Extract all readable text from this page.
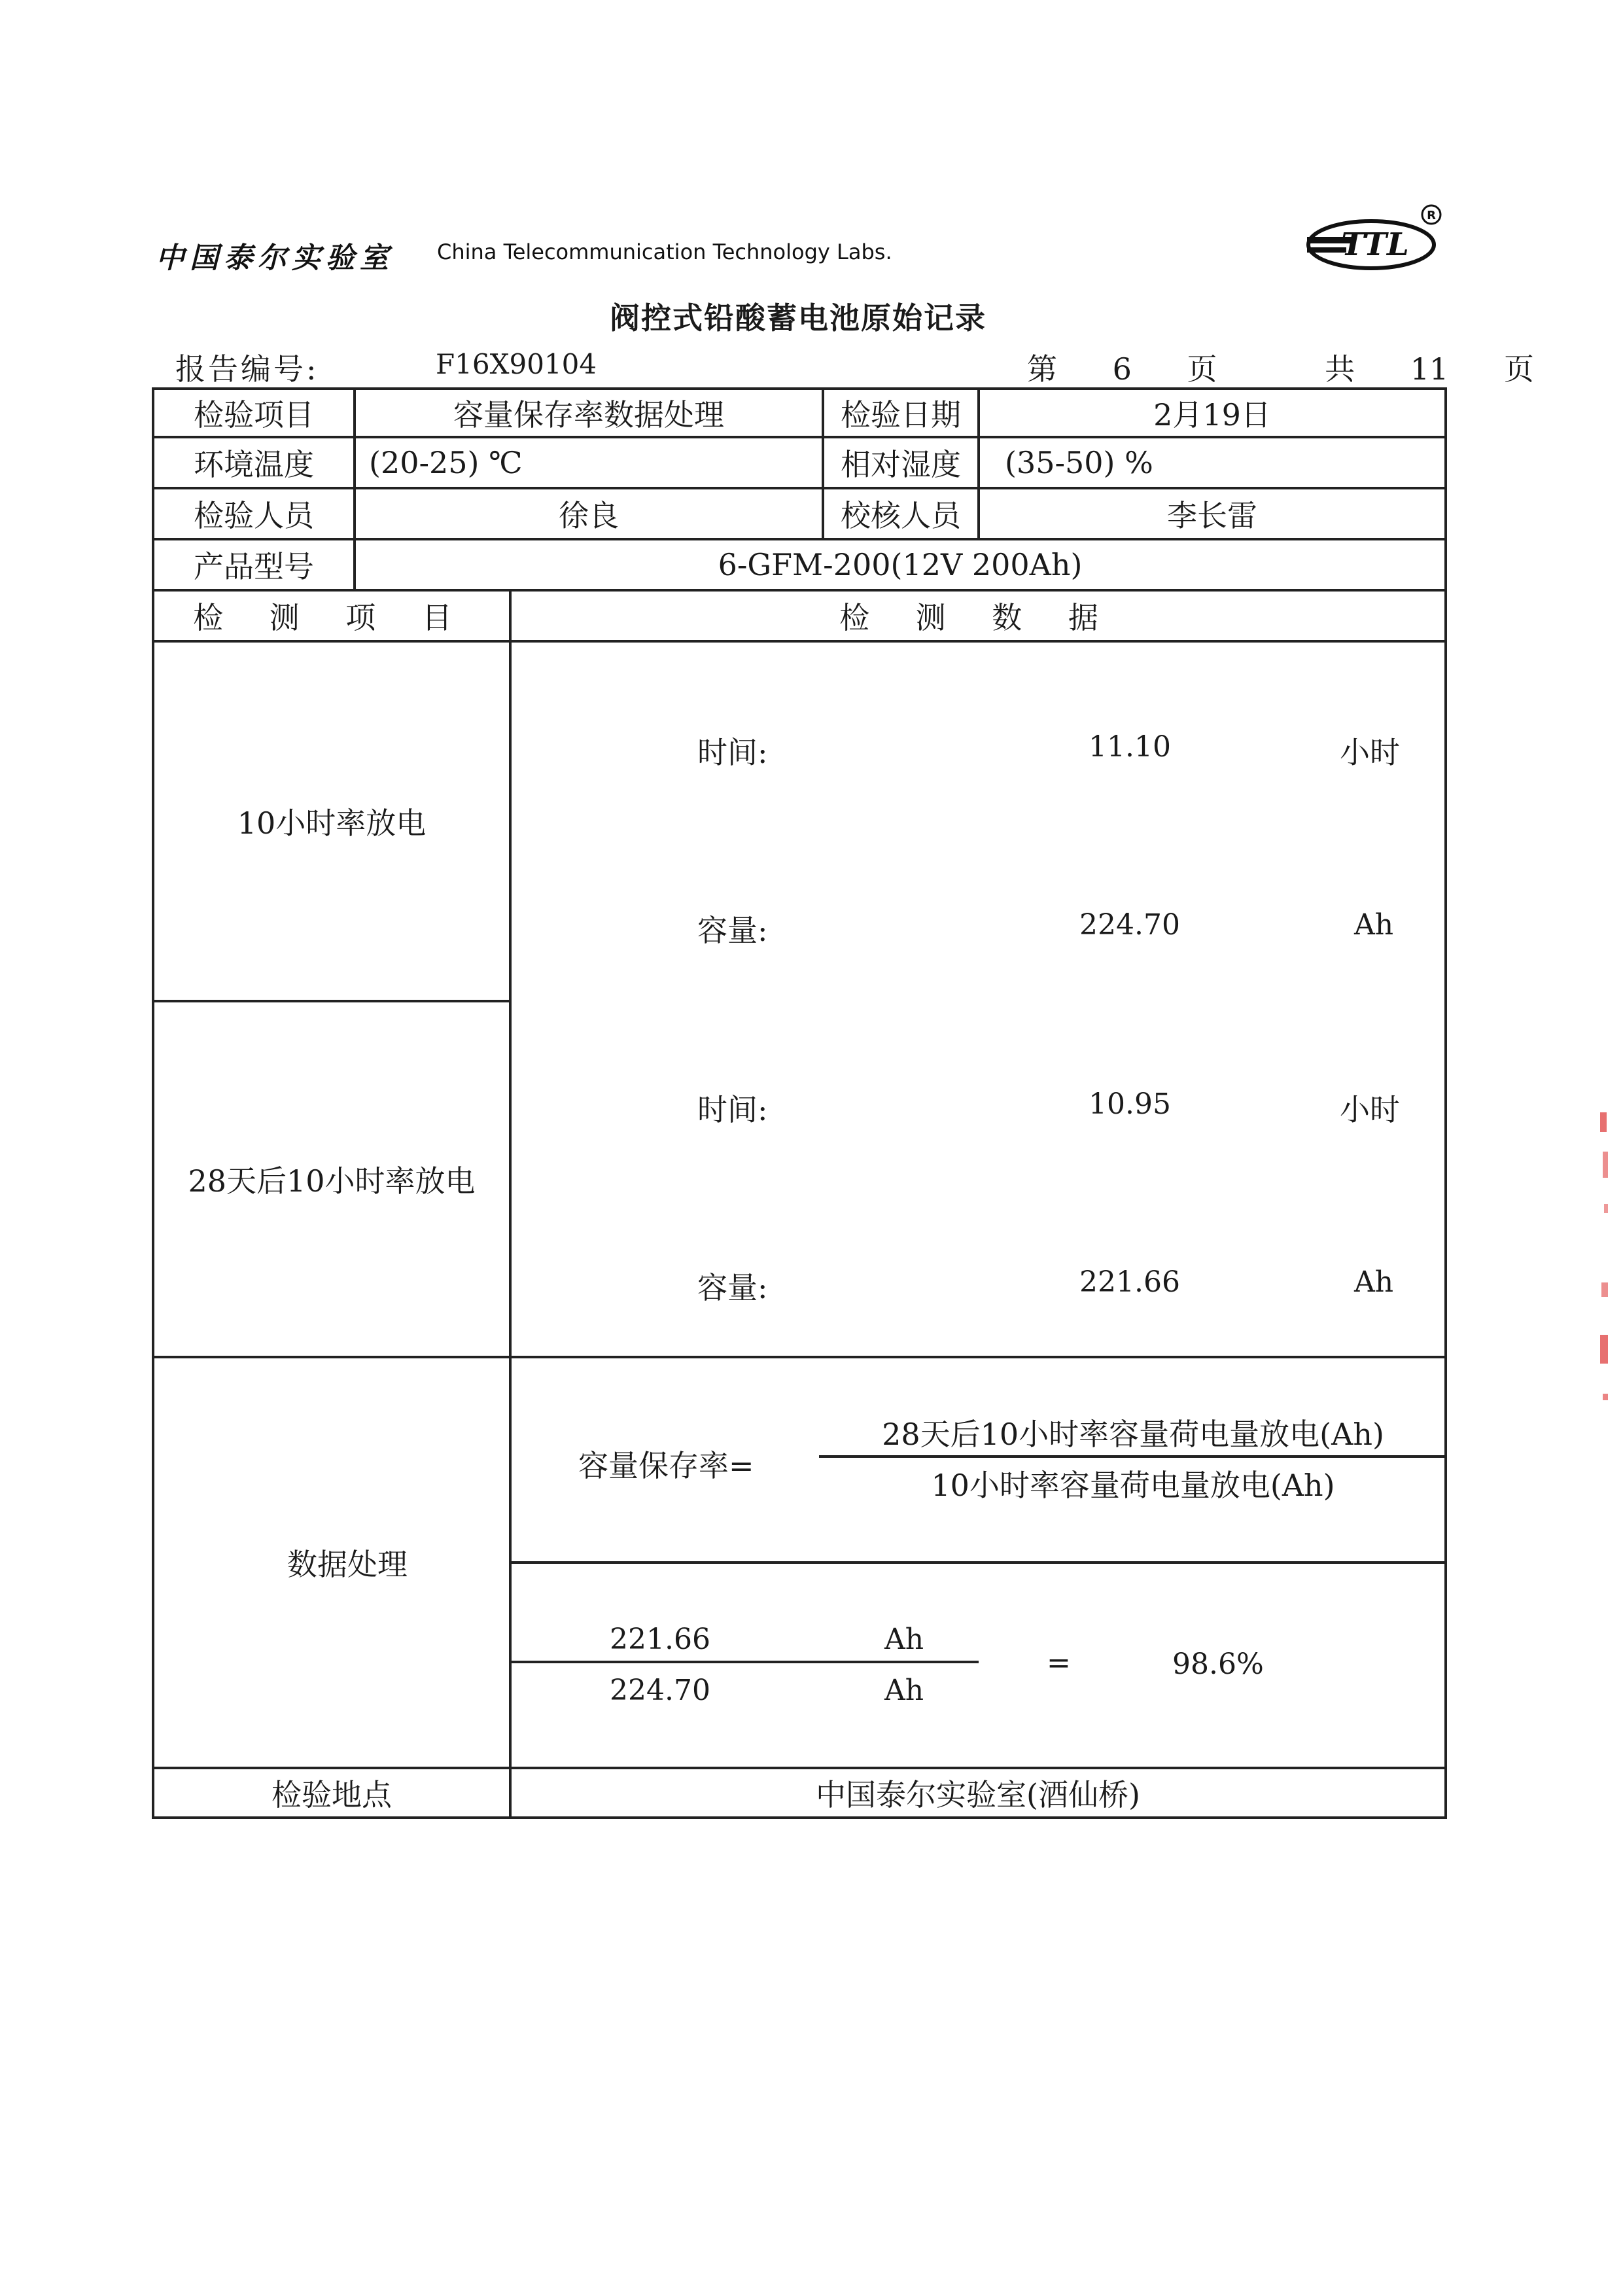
中国泰尔实验室 China Telecommunication Technology Labs.	TTL
R
阀控式铅酸蓄电池原始记录
报告编号:	F16X90104	第 6 页	共 11 页
检验项目	容量保存率数据处理	检验日期	2月19日
环境温度	(20-25) ℃	相对湿度	(35-50) %
检验人员	徐良	校核人员	李长雷
产品型号	6-GFM-200(12V 200Ah)
检 测 项 目	检 测 数 据
10小时率放电
时间:	11.10	小时
容量:	224.70	Ah
28天后10小时率放电
时间:	10.95	小时
容量:	221.66	Ah
数据处理
容量保存率=
28天后10小时率容量荷电量放电(Ah)
10小时率容量荷电量放电(Ah)
221.66	Ah
224.70	Ah
=	98.6%
检验地点	中国泰尔实验室(酒仙桥)
